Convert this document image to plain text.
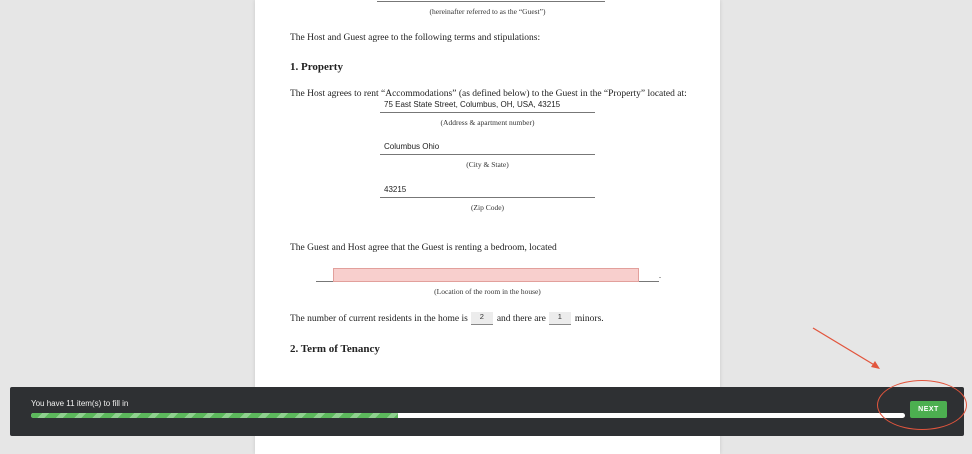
(hereinafter referred to as the “Guest”)
The Host and Guest agree to the following terms and stipulations:
1. Property
The Host agrees to rent “Accommodations” (as defined below) to the Guest in the “Property” located at:
75 East State Street, Columbus, OH, USA, 43215
(Address & apartment number)
Columbus Ohio
(City & State)
43215
(Zip Code)
The Guest and Host agree that the Guest is renting a bedroom, located
.
(Location of the room in the house)
The number of current residents in the home is	2	and there are	1	minors.
2. Term of Tenancy
You have 11 item(s) to fill in
NEXT
